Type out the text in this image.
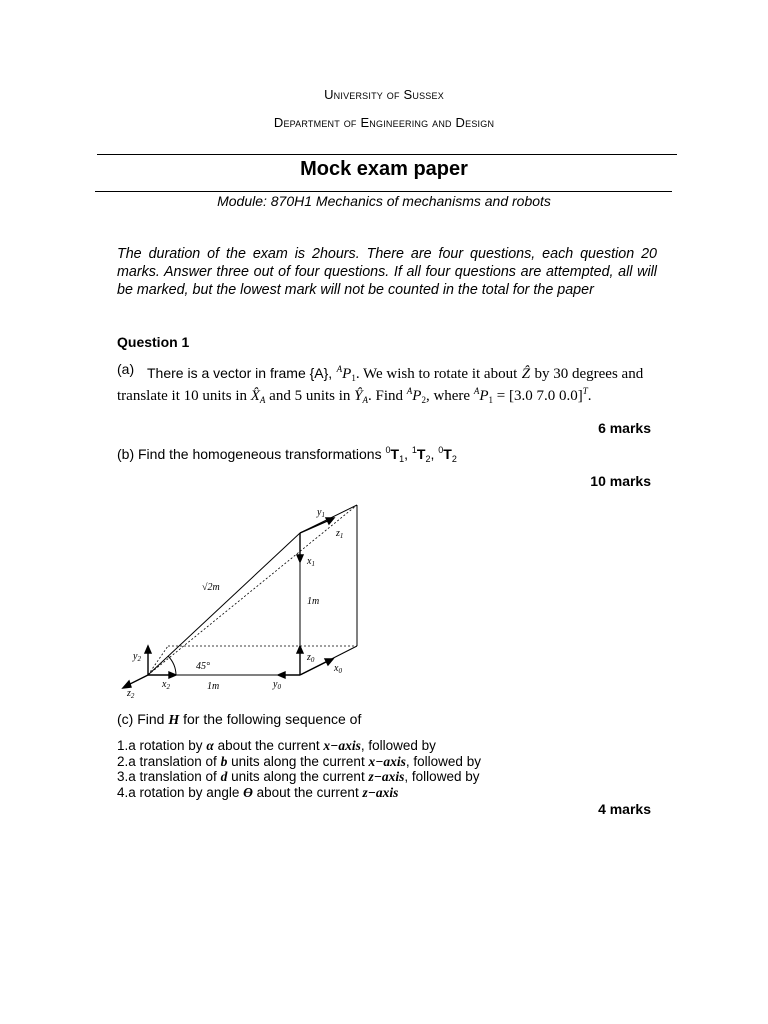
University of Sussex
Department of Engineering and Design
Mock exam paper
Module: 870H1 Mechanics of mechanisms and robots
The duration of the exam is 2hours. There are four questions, each question 20 marks. Answer three out of four questions. If all four questions are attempted, all will be marked, but the lowest mark will not be counted in the total for the paper
Question 1
(a) There is a vector in frame {A}, $^AP_1$. We wish to rotate it about Ẑ by 30 degrees and
translate it 10 units in $X̂_A$ and 5 units in $Ŷ_A$. Find $^AP_2$, where $^AP_1 = [3.0$ 7.0 0.0]$^T$.
6 marks
(b) Find the homogeneous transformations $^0T_1$, $^1T_2$, $^0T_2$
10 marks
$y_1$
$z_1$
$x_1$
√2m
1m
45°
$z_0$
$x_0$
$y_0$
$y_2$
$x_2$	1m
$z_2$
(c) Find H for the following sequence of
1.a rotation by α about the current x−axis, followed by
2.a translation of b units along the current x−axis, followed by
3.a translation of d units along the current z−axis, followed by
4.a rotation by angle ϴ about the current z−axis
4 marks
